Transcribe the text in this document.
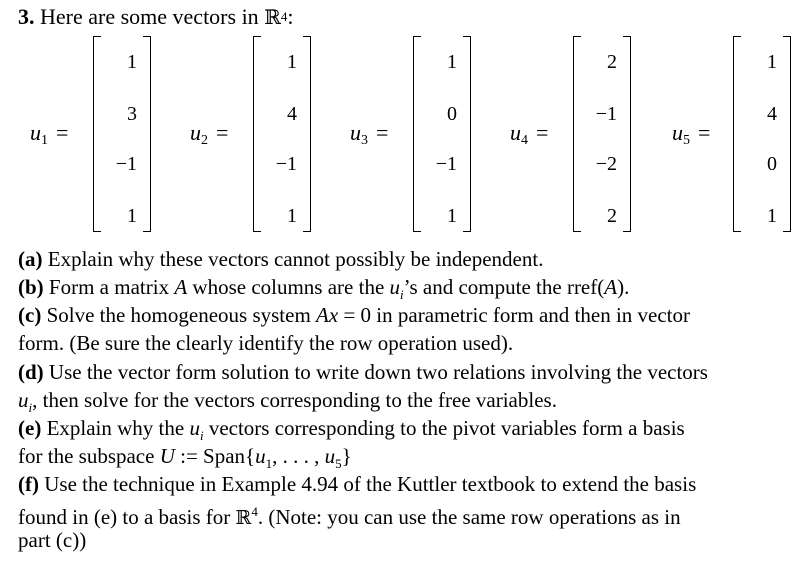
3. Here are some vectors in ℝ$^4$:
$u_1$ =
1
3
−1
1
$u_2$ =
1
4
−1
1
$u_3$ =
1
0
−1
1
$u_4$ =
2
−1
−2
2
$u_5$ =
1
4
0
1
(a) Explain why these vectors cannot possibly be independent.
(b) Form a matrix A whose columns are the $u_i’s$ and compute the rref(A).
(c) Solve the homogeneous system Ax = 0 in parametric form and then in vector
form. (Be sure the clearly identify the row operation used).
(d) Use the vector form solution to write down two relations involving the vectors
$u_i$, then solve for the vectors corresponding to the free variables.
(e) Explain why the $u_i$ vectors corresponding to the pivot variables form a basis
for the subspace U := $Span\{u_1$, . . . , $u_5$}
(f) Use the technique in Example 4.94 of the Kuttler textbook to extend the basis
found in (e) to a basis for ℝ$^4$. (Note: you can use the same row operations as in
part (c))
